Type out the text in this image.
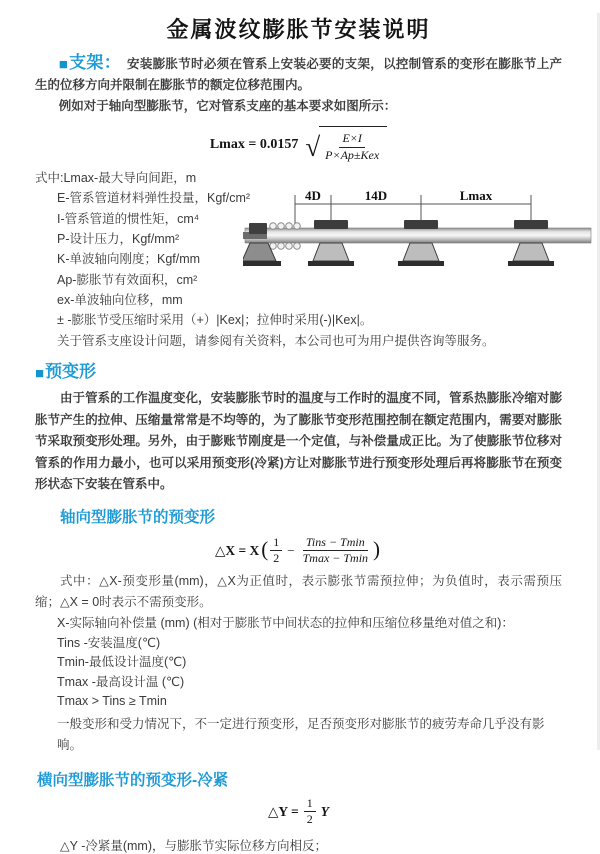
金属波纹膨胀节安装说明

■支架： 安装膨胀节时必须在管系上安装必要的支架，以控制管系的变形在膨胀节上产生的位移方向并限制在膨胀节的额定位移范围内。

例如对于轴向型膨胀节，它对管系支座的基本要求如图所示：

Lmax = 0.0157 √ $\frac{E\times I}{\text{P×Ap±Kex}}$
式中:Lmax-最大导向间距，m
E-管系管道材料弹性投量，Kgf/cm²
I-管系管道的惯性矩，cm⁴
P-设计压力，Kgf/mm²
K-单波轴向刚度；Kgf/mm
Ap-膨胀节有效面积，cm²
ex-单波轴向位移，mm
± -膨胀节受压缩时采用（+）|Kex|；拉伸时采用(-)|Kex|。
关于管系支座设计问题，请参阅有关资料，本公司也可为用户提供咨询等服务。
4D	14D	Lmax

■预变形

由于管系的工作温度变化，安装膨胀节时的温度与工作时的温度不同，管系热膨胀冷缩对膨胀节产生的拉伸、压缩量常常是不均等的，为了膨胀节变形范围控制在额定范围内，需要对膨胀节采取预变形处理。另外，由于膨账节刚度是一个定值，与补偿量成正比。为了使膨胀节位移对管系的作用力最小，也可以采用预变形(冷紧)方让对膨胀节进行预变形处理后再将膨胀节在预变形状态下安装在管系中。

轴向型膨胀节的预变形
△X = X ( $\frac{1}{2} - \frac{\text{Tins − Tmin}}{Tmax - Tmin}$ )

式中：△X-预变形量(mm)，△X为正值时，表示膨张节需预拉伸；为负值时，表示需预压缩；△X = 0时表示不需预变形。

X-实际轴向补偿量 (mm) (相对于膨胀节中间状态的拉伸和压缩位移量绝对值之和)：
Tins -安装温度(℃)
Tmin-最低设计温度(℃)
Tmax -最高设计温 (℃)
Tmax > Tins ≥ Tmin
一般变形和受力情况下，不一定进行预变形，足否预变形对膨胀节的疲劳寿命几乎没有影响。
横向型膨胀节的预变形-冷紧
△Y = $\frac{1}{2}$ Y

△Y -冷紧量(mm)，与膨胀节实际位移方向相反；
